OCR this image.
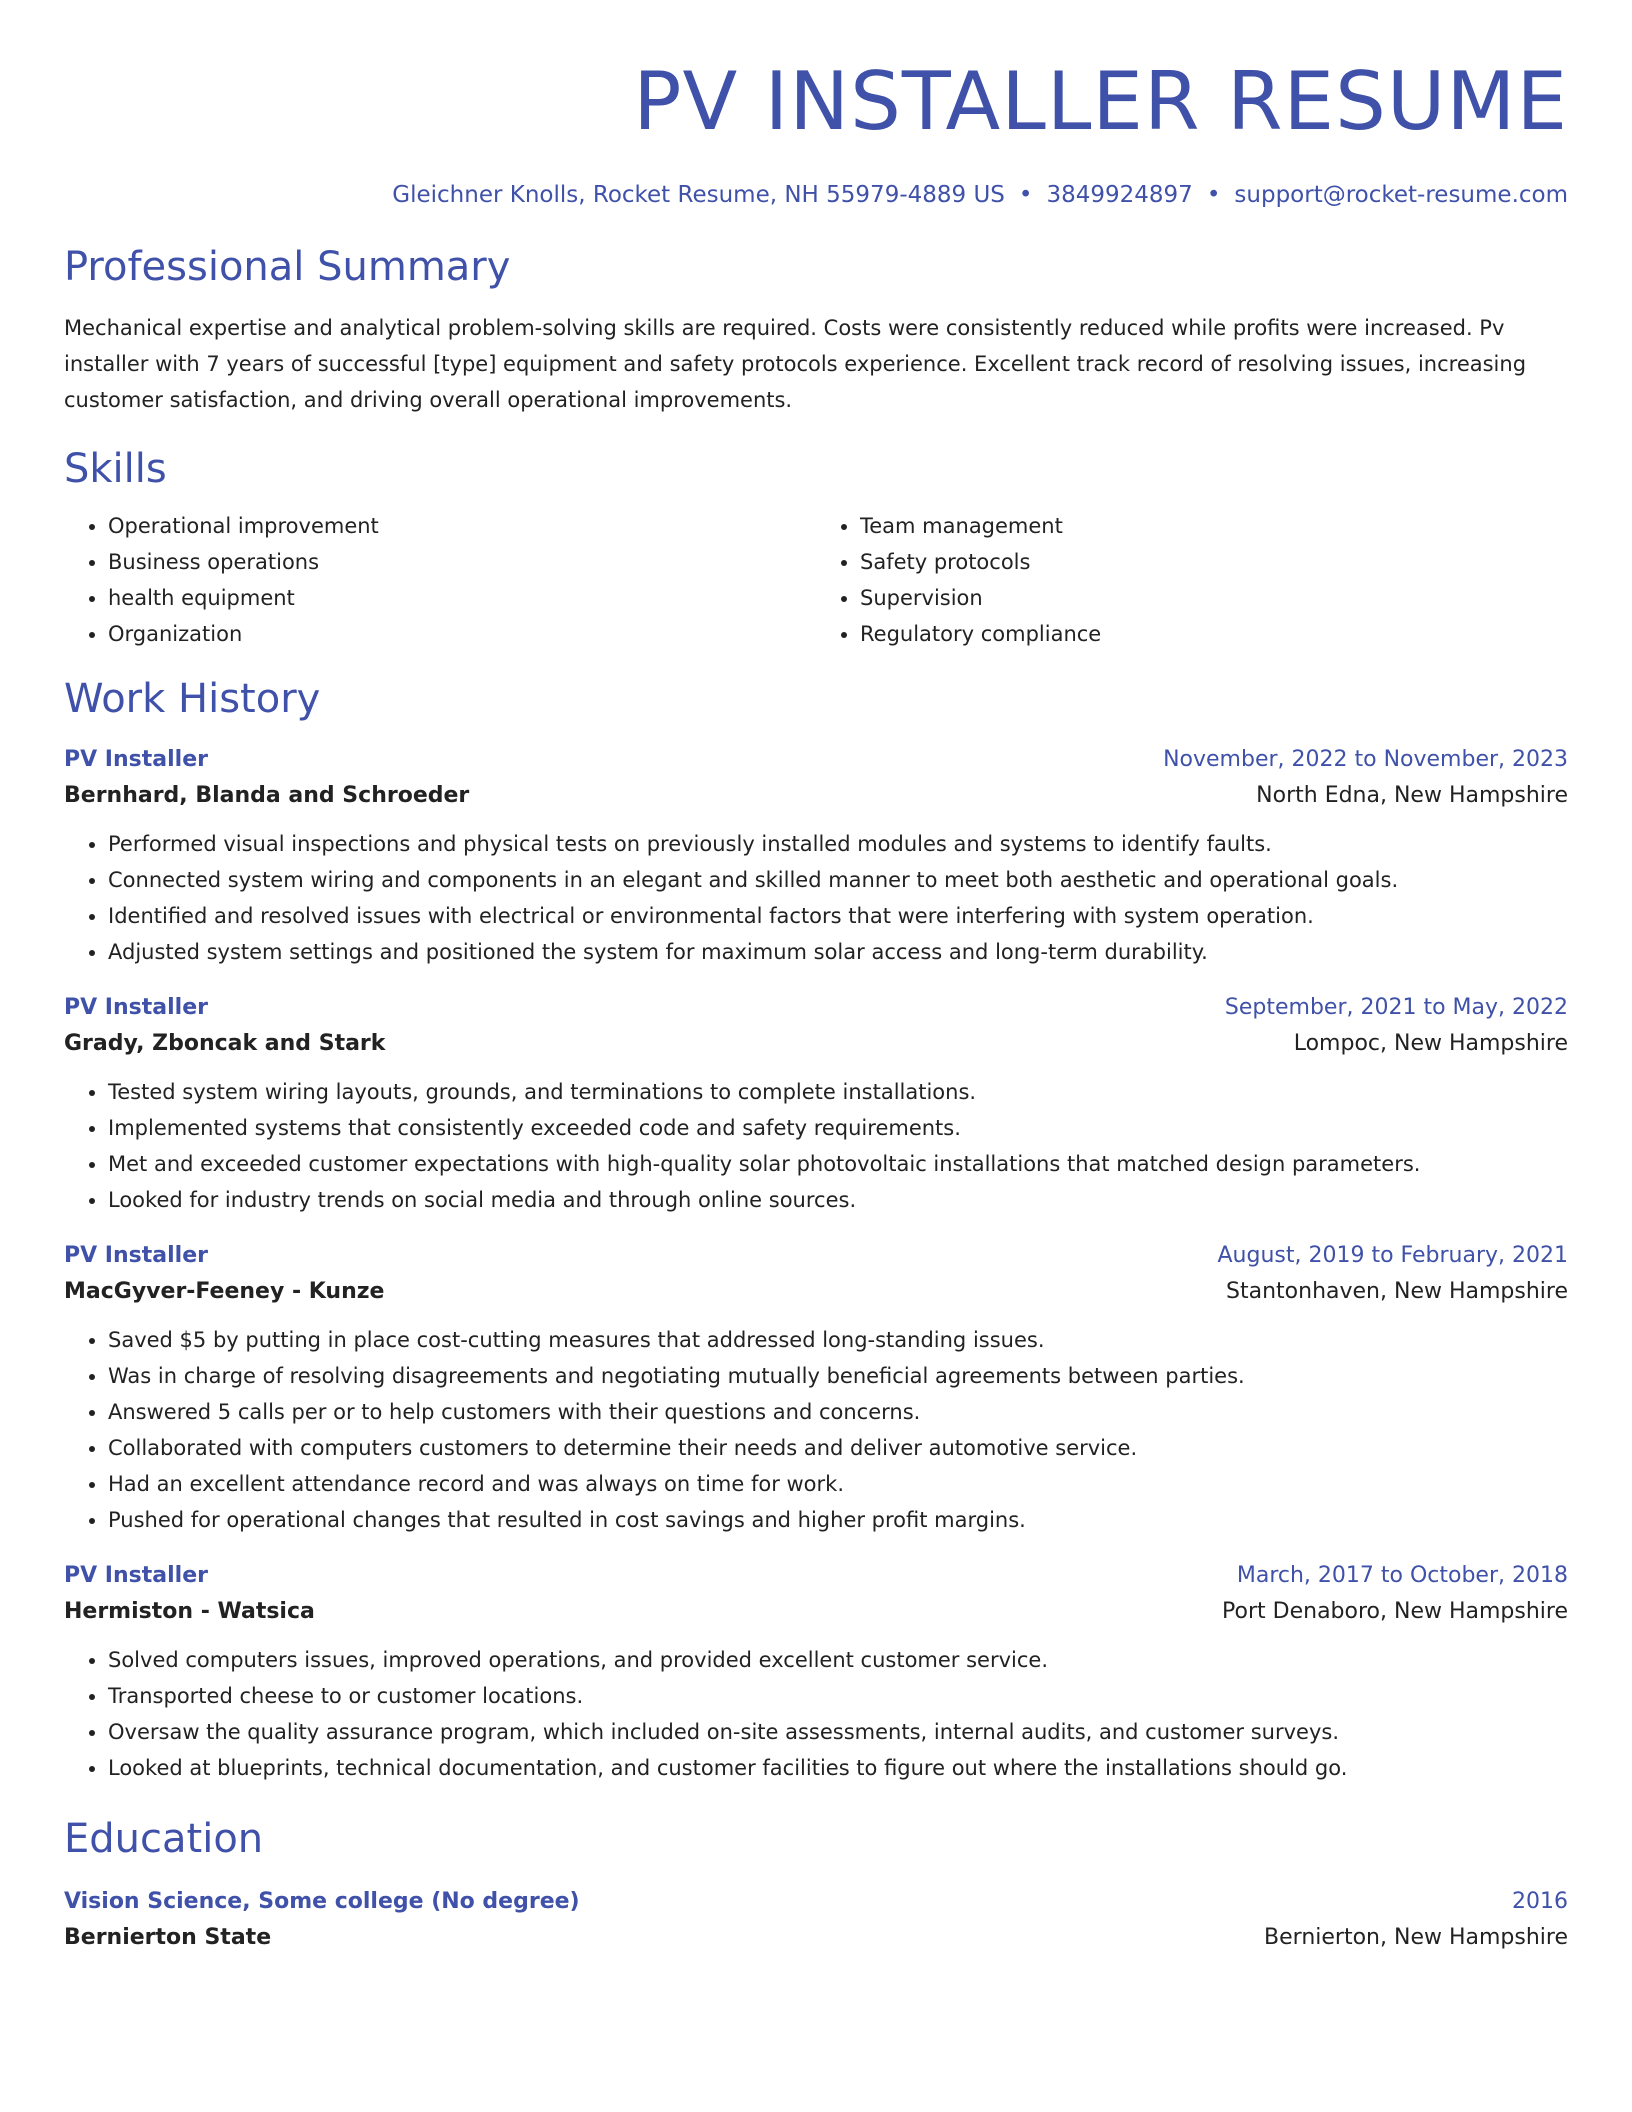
PV INSTALLER RESUME
Gleichner Knolls, Rocket Resume, NH 55979-4889 US • 3849924897 • support@rocket-resume.com
Professional Summary
Mechanical expertise and analytical problem-solving skills are required. Costs were consistently reduced while profits were increased. Pv installer with 7 years of successful [type] equipment and safety protocols experience. Excellent track record of resolving issues, increasing customer satisfaction, and driving overall operational improvements.
Skills
• Operational improvement
• Business operations
• health equipment
• Organization
• Team management
• Safety protocols
• Supervision
• Regulatory compliance
Work History
PV Installer	November, 2022 to November, 2023
Bernhard, Blanda and Schroeder	North Edna, New Hampshire
• Performed visual inspections and physical tests on previously installed modules and systems to identify faults.
• Connected system wiring and components in an elegant and skilled manner to meet both aesthetic and operational goals.
• Identified and resolved issues with electrical or environmental factors that were interfering with system operation.
• Adjusted system settings and positioned the system for maximum solar access and long-term durability.
PV Installer	September, 2021 to May, 2022
Grady, Zboncak and Stark	Lompoc, New Hampshire
• Tested system wiring layouts, grounds, and terminations to complete installations.
• Implemented systems that consistently exceeded code and safety requirements.
• Met and exceeded customer expectations with high-quality solar photovoltaic installations that matched design parameters.
• Looked for industry trends on social media and through online sources.
PV Installer	August, 2019 to February, 2021
MacGyver-Feeney - Kunze	Stantonhaven, New Hampshire
• Saved $5 by putting in place cost-cutting measures that addressed long-standing issues.
• Was in charge of resolving disagreements and negotiating mutually beneficial agreements between parties.
• Answered 5 calls per or to help customers with their questions and concerns.
• Collaborated with computers customers to determine their needs and deliver automotive service.
• Had an excellent attendance record and was always on time for work.
• Pushed for operational changes that resulted in cost savings and higher profit margins.
PV Installer	March, 2017 to October, 2018
Hermiston - Watsica	Port Denaboro, New Hampshire
• Solved computers issues, improved operations, and provided excellent customer service.
• Transported cheese to or customer locations.
• Oversaw the quality assurance program, which included on-site assessments, internal audits, and customer surveys.
• Looked at blueprints, technical documentation, and customer facilities to figure out where the installations should go.
Education
Vision Science, Some college (No degree)	2016
Bernierton State	Bernierton, New Hampshire
